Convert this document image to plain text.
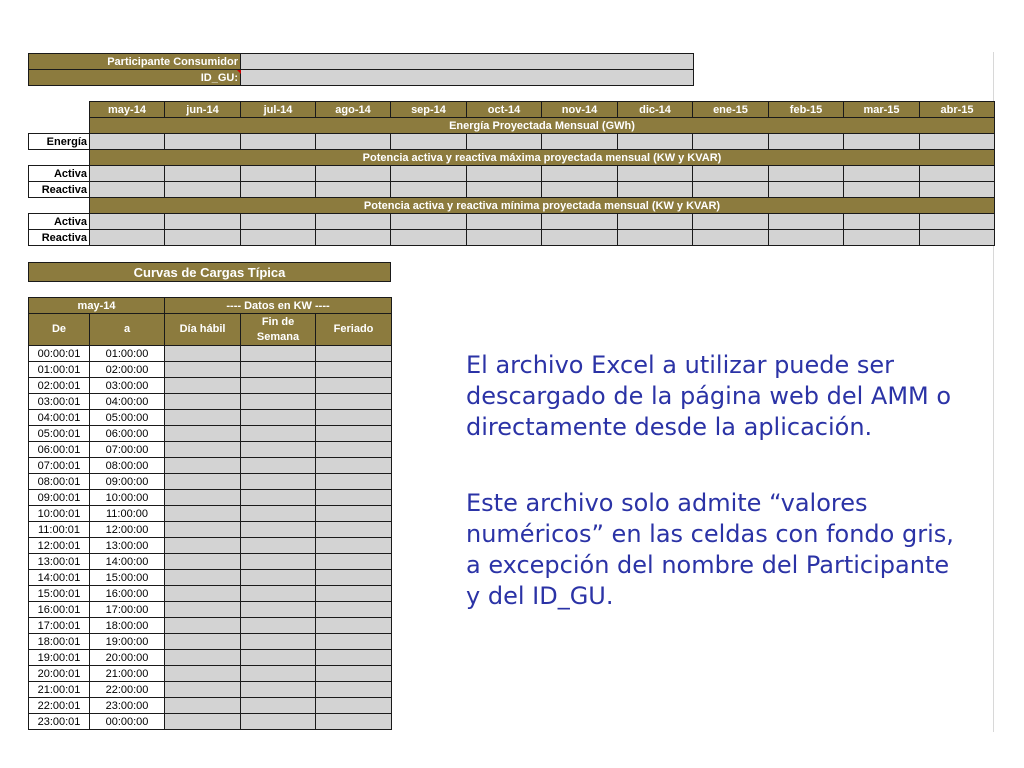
Participante Consumidor	
ID_GU:	
	may-14	jun-14	jul-14	ago-14	sep-14	oct-14	nov-14	dic-14	ene-15	feb-15	mar-15	abr-15
	Energía Proyectada Mensual (GWh)											
Energía												
	Potencia activa y reactiva máxima proyectada mensual (KW y KVAR)											
Activa												
Reactiva												
	Potencia activa y reactiva mínima proyectada mensual (KW y KVAR)											
Activa												
Reactiva												
Curvas de Cargas Típica
may-14		---- Datos en KW ----		
De	a	Día hábil	Fin de Semana	Feriado
00:00:01	01:00:00			
01:00:01	02:00:00			
02:00:01	03:00:00			
03:00:01	04:00:00			
04:00:01	05:00:00			
05:00:01	06:00:00			
06:00:01	07:00:00			
07:00:01	08:00:00			
08:00:01	09:00:00			
09:00:01	10:00:00			
10:00:01	11:00:00			
11:00:01	12:00:00			
12:00:01	13:00:00			
13:00:01	14:00:00			
14:00:01	15:00:00			
15:00:01	16:00:00			
16:00:01	17:00:00			
17:00:01	18:00:00			
18:00:01	19:00:00			
19:00:01	20:00:00			
20:00:01	21:00:00			
21:00:01	22:00:00			
22:00:01	23:00:00			
23:00:01	00:00:00			

El archivo Excel a utilizar puede ser descargado de la página web del AMM o directamente desde la aplicación.

Este archivo solo admite “valores numéricos” en las celdas con fondo gris, a excepción del nombre del Participante y del ID_GU.
